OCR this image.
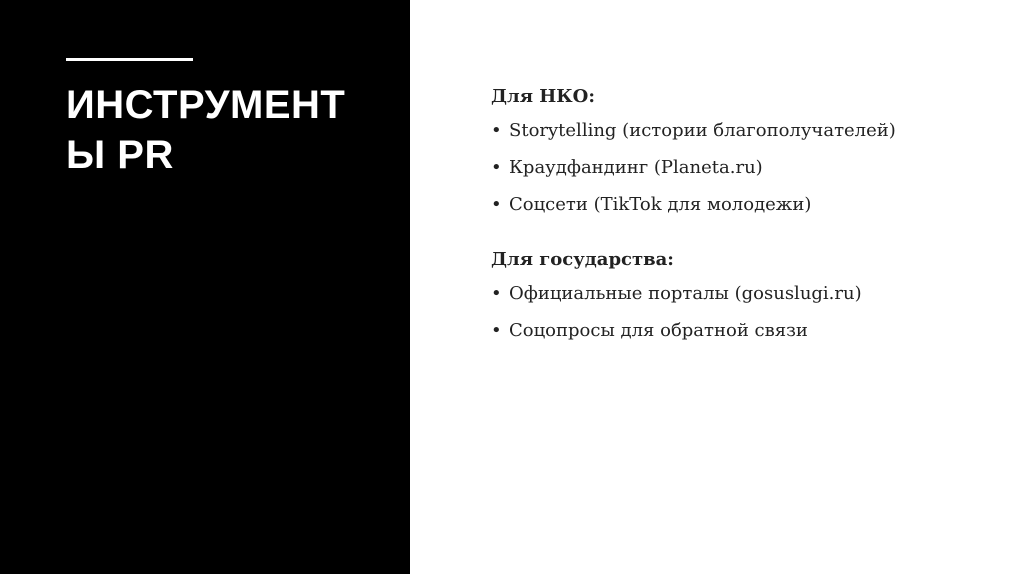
ИНСТРУМЕНТ
Ы PR

Для НКО:

• Storytelling (истории благополучателей)
• Краудфандинг (Planeta.ru)
• Соцсети (TikTok для молодежи)

Для государства:

• Официальные порталы (gosuslugi.ru)
• Соцопросы для обратной связи
